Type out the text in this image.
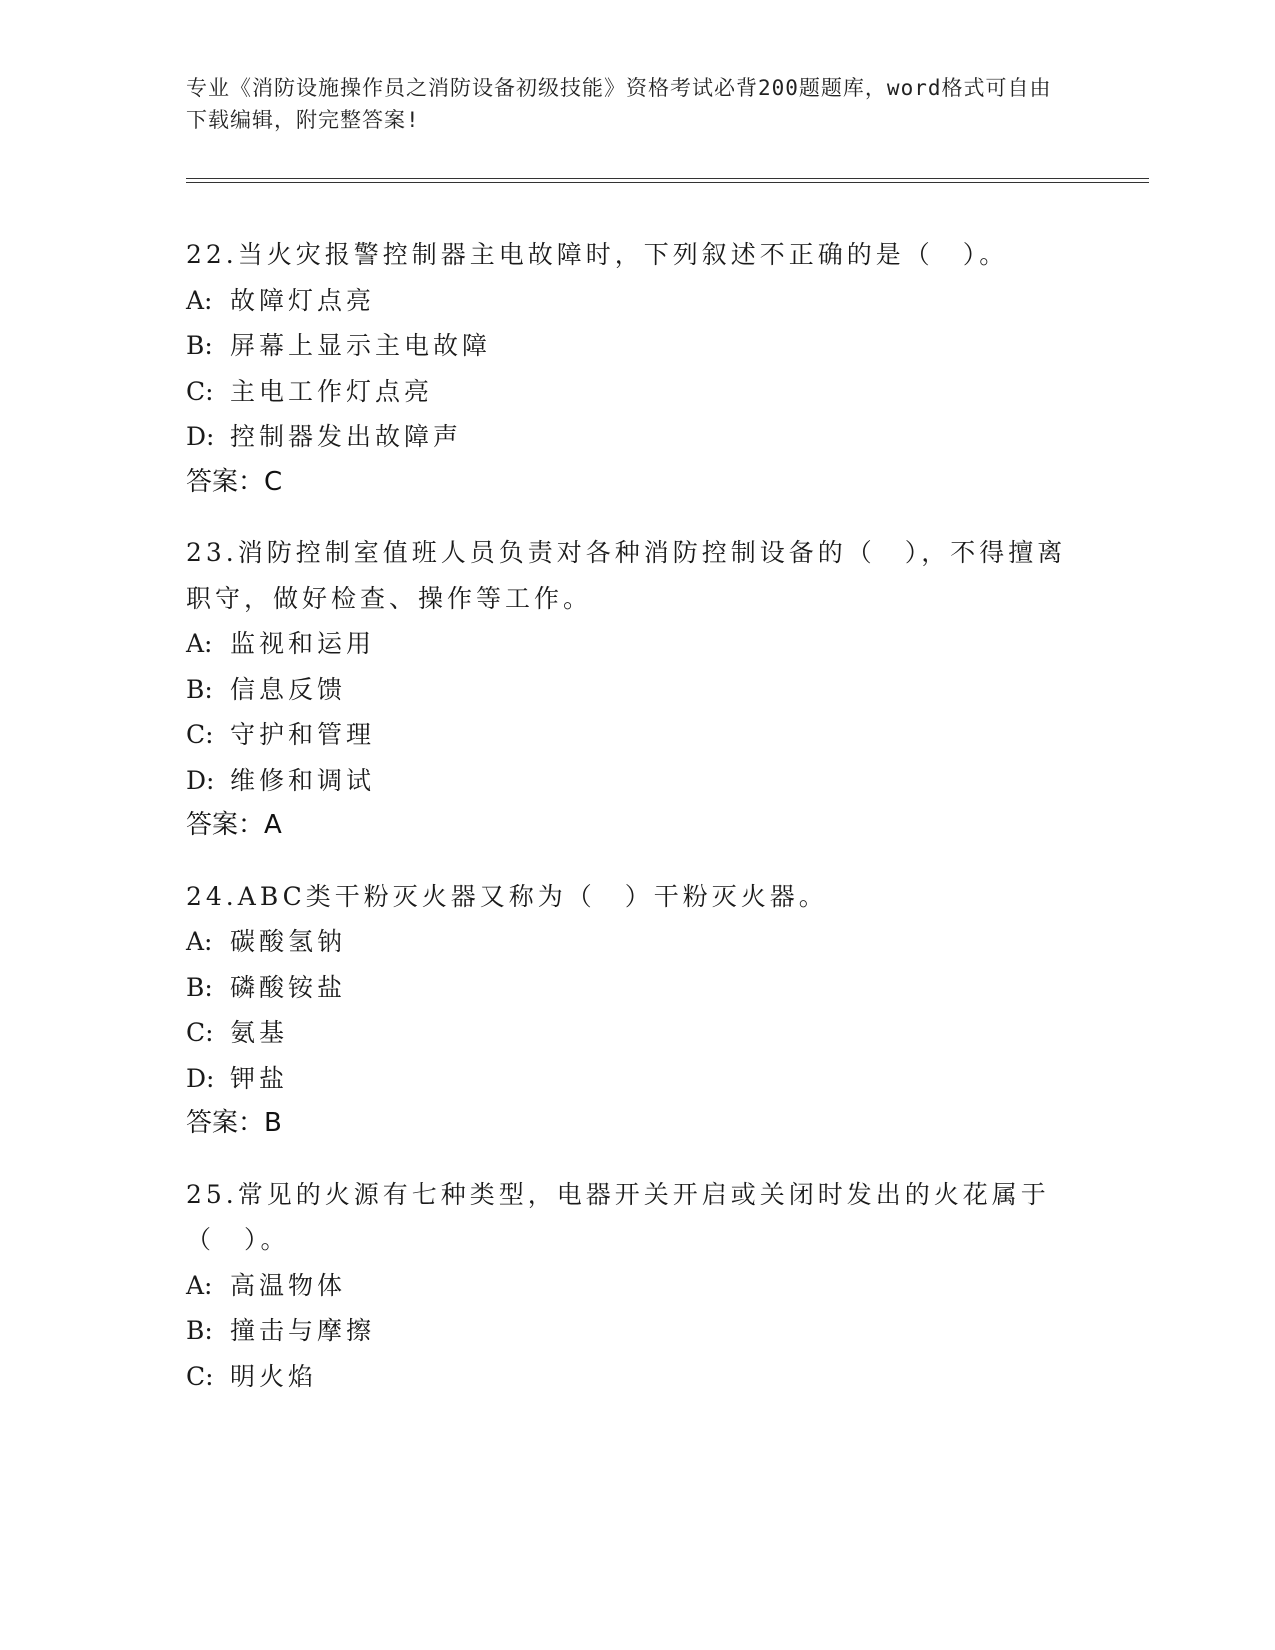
专业《消防设施操作员之消防设备初级技能》资格考试必背200题题库，word格式可自由下载编辑，附完整答案!

22.当火灾报警控制器主电故障时，下列叙述不正确的是（　）。

A: 故障灯点亮

B: 屏幕上显示主电故障

C: 主电工作灯点亮

D: 控制器发出故障声

答案：C

23.消防控制室值班人员负责对各种消防控制设备的（　），不得擅离职守，做好检查、操作等工作。

A: 监视和运用

B: 信息反馈

C: 守护和管理

D: 维修和调试

答案：A

24.ABC类干粉灭火器又称为（　）干粉灭火器。

A: 碳酸氢钠

B: 磷酸铵盐

C: 氨基

D: 钾盐

答案：B

25.常见的火源有七种类型，电器开关开启或关闭时发出的火花属于（　）。

A: 高温物体

B: 撞击与摩擦

C: 明火焰
